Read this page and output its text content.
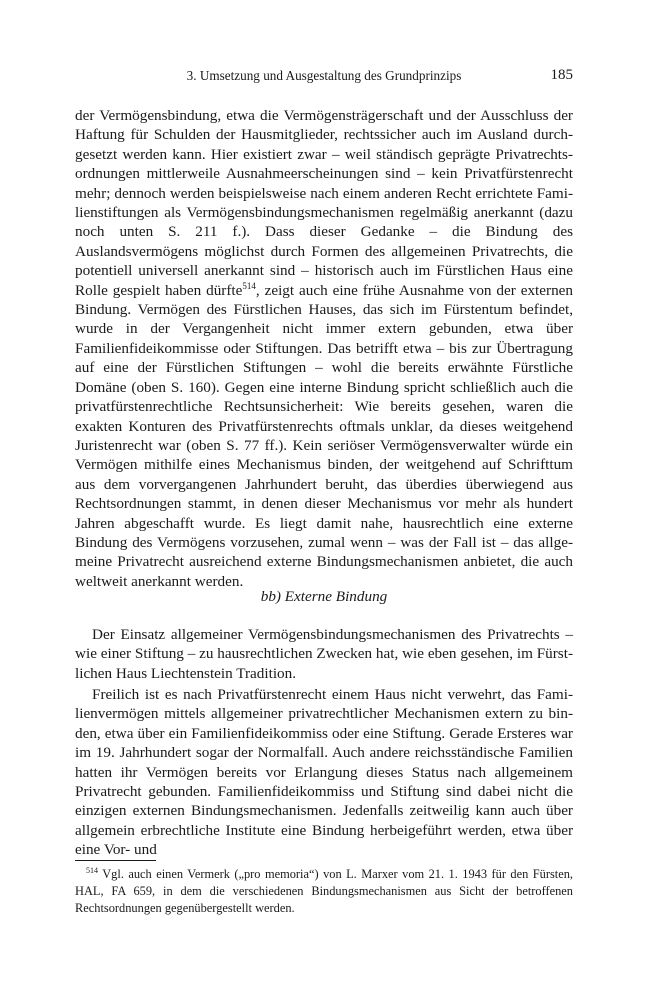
3. Umsetzung und Ausgestaltung des Grundprinzips	185

der Vermögensbindung, etwa die Vermögensträgerschaft und der Ausschluss der Haftung für Schulden der Hausmitglieder, rechtssicher auch im Ausland durchgesetzt werden kann. Hier existiert zwar – weil ständisch geprägte Privatrechtsordnungen mittlerweile Ausnahmeerscheinungen sind – kein Privatfürstenrecht mehr; dennoch werden beispielsweise nach einem anderen Recht errichtete Familienstiftungen als Vermögensbindungsmechanismen regelmäßig anerkannt (dazu noch unten S. 211 f.). Dass dieser Gedanke – die Bindung des Auslandsvermögens möglichst durch Formen des allgemeinen Privatrechts, die potentiell universell anerkannt sind – historisch auch im Fürstlichen Haus eine Rolle gespielt haben dürfte$^{514}$, zeigt auch eine frühe Ausnahme von der externen Bindung. Vermögen des Fürstlichen Hauses, das sich im Fürstentum befindet, wurde in der Vergangenheit nicht immer extern gebunden, etwa über Familienfideikommisse oder Stiftungen. Das betrifft etwa – bis zur Übertragung auf eine der Fürstlichen Stiftungen – wohl die bereits erwähnte Fürstliche Domäne (oben S. 160). Gegen eine interne Bindung spricht schließlich auch die privatfürstenrechtliche Rechtsunsicherheit: Wie bereits gesehen, waren die exakten Konturen des Privatfürstenrechts oftmals unklar, da dieses weitgehend Juristenrecht war (oben S. 77 ff.). Kein seriöser Vermögensverwalter würde ein Vermögen mithilfe eines Mechanismus binden, der weitgehend auf Schrifttum aus dem vorvergangenen Jahrhundert beruht, das überdies überwiegend aus Rechtsordnungen stammt, in denen dieser Mechanismus vor mehr als hundert Jahren abgeschafft wurde. Es liegt damit nahe, hausrechtlich eine externe Bindung des Vermögens vorzusehen, zumal wenn – was der Fall ist – das allgemeine Privatrecht ausreichend externe Bindungsmechanismen anbietet, die auch weltweit anerkannt werden.

bb) Externe Bindung

Der Einsatz allgemeiner Vermögensbindungsmechanismen des Privatrechts – wie einer Stiftung – zu hausrechtlichen Zwecken hat, wie eben gesehen, im Fürstlichen Haus Liechtenstein Tradition.

Freilich ist es nach Privatfürstenrecht einem Haus nicht verwehrt, das Familienvermögen mittels allgemeiner privatrechtlicher Mechanismen extern zu binden, etwa über ein Familienfideikommiss oder eine Stiftung. Gerade Ersteres war im 19. Jahrhundert sogar der Normalfall. Auch andere reichsständische Familien hatten ihr Vermögen bereits vor Erlangung dieses Status nach allgemeinem Privatrecht gebunden. Familienfideikommiss und Stiftung sind dabei nicht die einzigen externen Bindungsmechanismen. Jedenfalls zeitweilig kann auch über allgemein erbrechtliche Institute eine Bindung herbeigeführt werden, etwa über eine Vor- und

$^{514}$ Vgl. auch einen Vermerk („pro memoria“) von L. Marxer vom 21. 1. 1943 für den Fürsten, HAL, FA 659, in dem die verschiedenen Bindungsmechanismen aus Sicht der betroffenen Rechtsordnungen gegenübergestellt werden.
